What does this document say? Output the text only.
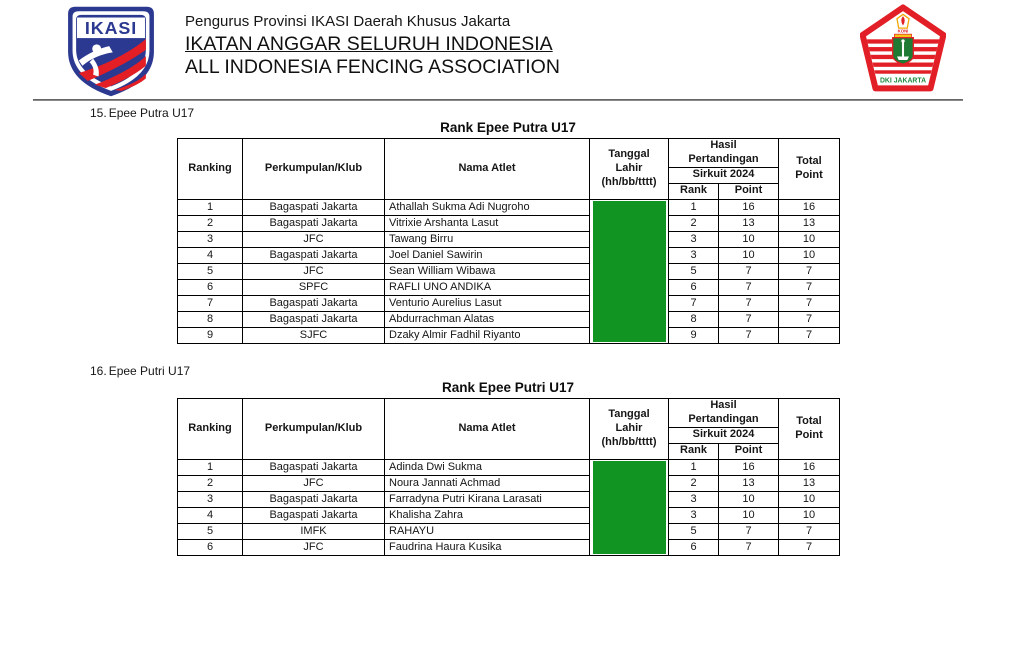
IKASI	Pengurus Provinsi IKASI Daerah Khusus Jakarta
IKATAN ANGGAR SELURUH INDONESIA
ALL INDONESIA FENCING ASSOCIATION
KONI
DKI JAKARTA
15. Epee Putra U17
Rank Epee Putra U17
Ranking	Perkumpulan/Klub	Nama Atlet	Tanggal Lahir (hh/bb/tttt)	Hasil Pertandingan		Total Point
				Sirkuit 2024		
				Rank	Point	
1	Bagaspati Jakarta	Athallah Sukma Adi Nugroho		1	16	16
2	Bagaspati Jakarta	Vitrixie Arshanta Lasut		2	13	13
3	JFC	Tawang Birru		3	10	10
4	Bagaspati Jakarta	Joel Daniel Sawirin		3	10	10
5	JFC	Sean William Wibawa		5	7	7
6	SPFC	RAFLI UNO ANDIKA		6	7	7
7	Bagaspati Jakarta	Venturio Aurelius Lasut		7	7	7
8	Bagaspati Jakarta	Abdurrachman Alatas		8	7	7
9	SJFC	Dzaky Almir Fadhil Riyanto		9	7	7
16. Epee Putri U17
Rank Epee Putri U17
Ranking	Perkumpulan/Klub	Nama Atlet	Tanggal Lahir (hh/bb/tttt)	Hasil Pertandingan		Total Point
				Sirkuit 2024		
				Rank	Point	
1	Bagaspati Jakarta	Adinda Dwi Sukma		1	16	16
2	JFC	Noura Jannati Achmad		2	13	13
3	Bagaspati Jakarta	Farradyna Putri Kirana Larasati		3	10	10
4	Bagaspati Jakarta	Khalisha Zahra		3	10	10
5	IMFK	RAHAYU		5	7	7
6	JFC	Faudrina Haura Kusika		6	7	7
